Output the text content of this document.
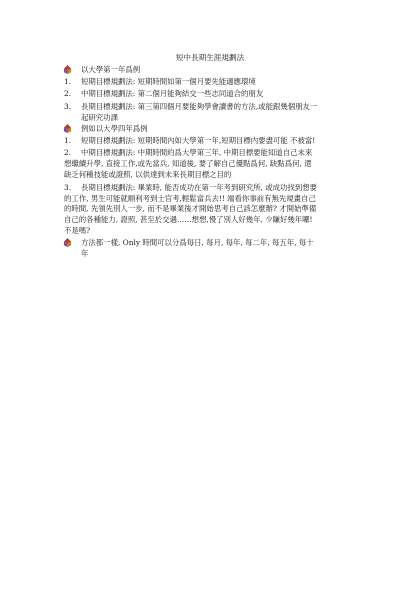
短中長期生涯規劃法
以大學第一年爲例
1. 短期目標規劃法: 短期時間如第一個月要先能適應環境
2. 中期目標規劃法: 第二個月能夠結交一些志同道合的朋友
3. 長期目標規劃法: 第三第四個月要能夠學會讀書的方法,或能跟幾個朋友一
起研究功課
例如以大學四年爲例
1. 短期目標規劃法: 短期時間內如大學第一年,短期目標内要盡可能 不被當!
2. 中期目標規劃法: 中期時間約爲大學第三年, 中期目標要能知道自己未來
想繼續升學, 直接工作,或先當兵, 知道後, 要了解自己優點爲何, 缺點爲何, 還
缺乏何種技能或證照, 以供達到未來長期目標之目的
3. 長期目標規劃法: 畢業時, 能否成功在第一年考到研究所, 或成功找到想要
的工作, 男生可能就順利考到士官考,輕鬆當兵去!! 端看你事前有無先規畫自己
的時間, 先領先別人一步, 而不是畢業後才開始思考自己該怎麼辦? 才開始準備
自己的各種能力, 證照, 甚至於交遇……想想,慢了別人好幾年, 少賺好幾年囉!
不是嗎?
方法都一樣, Only 時間可以分爲每日, 每月, 每年, 每二年, 每五年, 每十
年
